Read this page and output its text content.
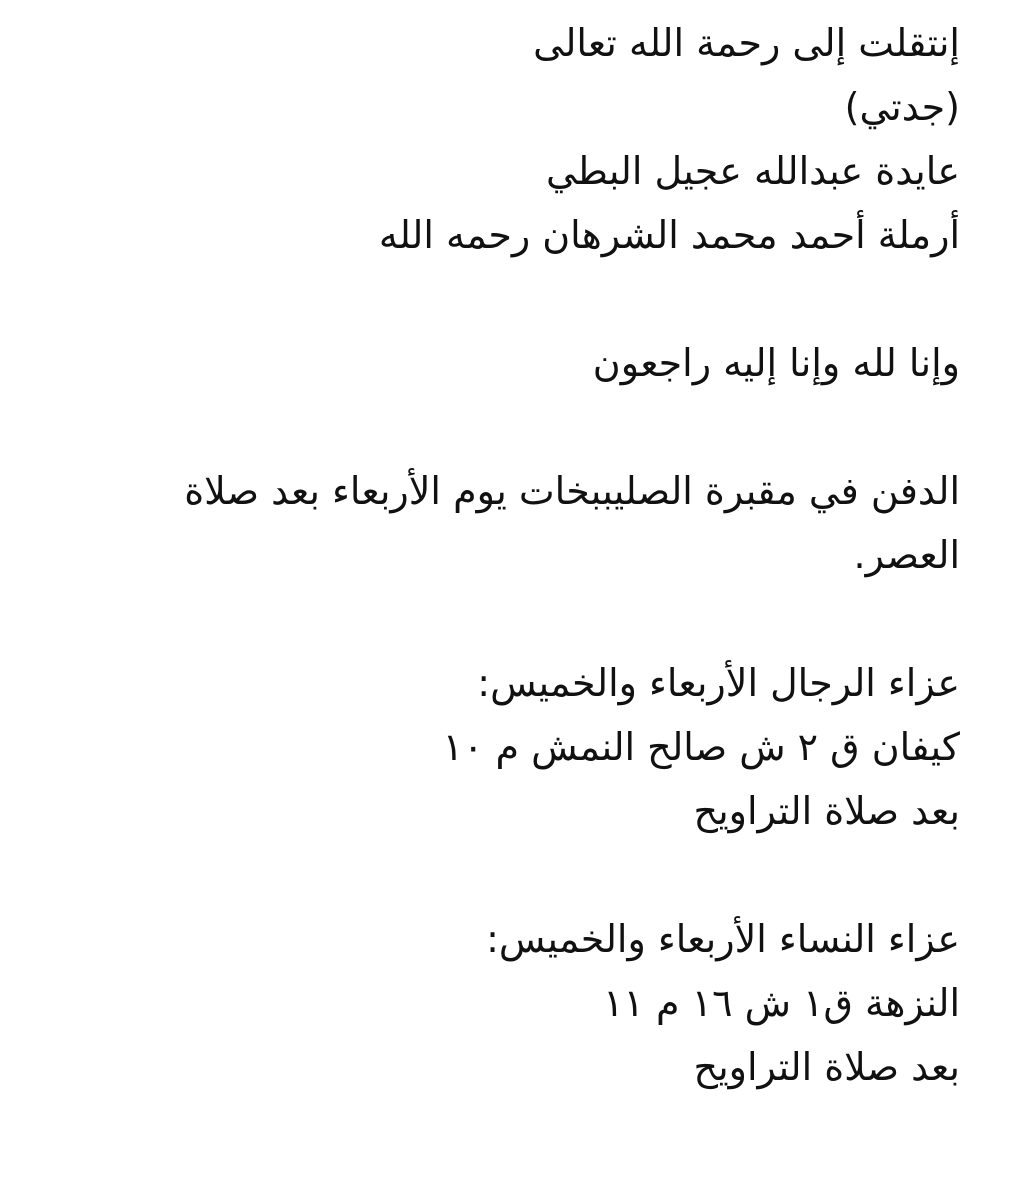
إنتقلت إلى رحمة الله تعالى
(جدتي)
عايدة عبدالله عجيل البطي
أرملة أحمد محمد الشرهان رحمه الله
وإنا لله وإنا إليه راجعون
الدفن في مقبرة الصليببخات يوم الأربعاء بعد صلاة العصر.
عزاء الرجال الأربعاء والخميس:
كيفان ق ٢ ش صالح النمش م ١٠
بعد صلاة التراويح
عزاء النساء الأربعاء والخميس:
النزهة ق١ ش ١٦ م ١١
بعد صلاة التراويح
